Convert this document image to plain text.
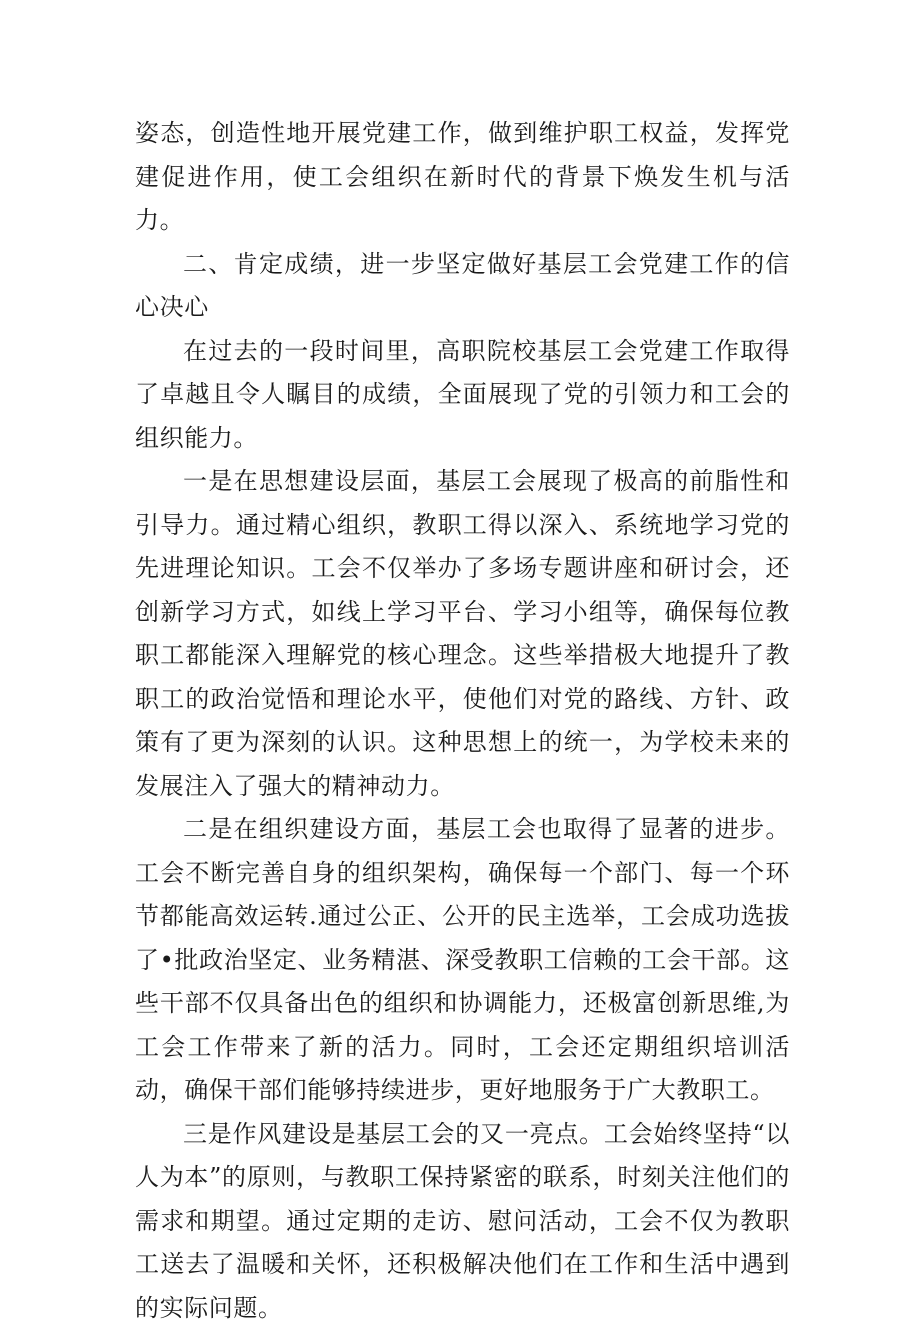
姿态，创造性地开展党建工作，做到维护职工权益，发挥党建促进作用，使工会组织在新时代的背景下焕发生机与活力。

二、肯定成绩，进一步坚定做好基层工会党建工作的信心决心

在过去的一段时间里，高职院校基层工会党建工作取得了卓越且令人瞩目的成绩，全面展现了党的引领力和工会的组织能力。

一是在思想建设层面，基层工会展现了极高的前脂性和引导力。通过精心组织，教职工得以深入、系统地学习党的先进理论知识。工会不仅举办了多场专题讲座和研讨会，还创新学习方式，如线上学习平台、学习小组等，确保每位教职工都能深入理解党的核心理念。这些举措极大地提升了教职工的政治觉悟和理论水平，使他们对党的路线、方针、政策有了更为深刻的认识。这种思想上的统一，为学校未来的发展注入了强大的精神动力。

二是在组织建设方面，基层工会也取得了显著的进步。工会不断完善自身的组织架构，确保每一个部门、每一个环节都能高效运转.通过公正、公开的民主选举，工会成功选拔了•批政治坚定、业务精湛、深受教职工信赖的工会干部。这些干部不仅具备出色的组织和协调能力，还极富创新思维,为工会工作带来了新的活力。同时，工会还定期组织培训活动，确保干部们能够持续进步，更好地服务于广大教职工。

三是作风建设是基层工会的又一亮点。工会始终坚持“以人为本”的原则，与教职工保持紧密的联系，时刻关注他们的需求和期望。通过定期的走访、慰问活动，工会不仅为教职工送去了温暖和关怀，还积极解决他们在工作和生活中遇到的实际问题。
